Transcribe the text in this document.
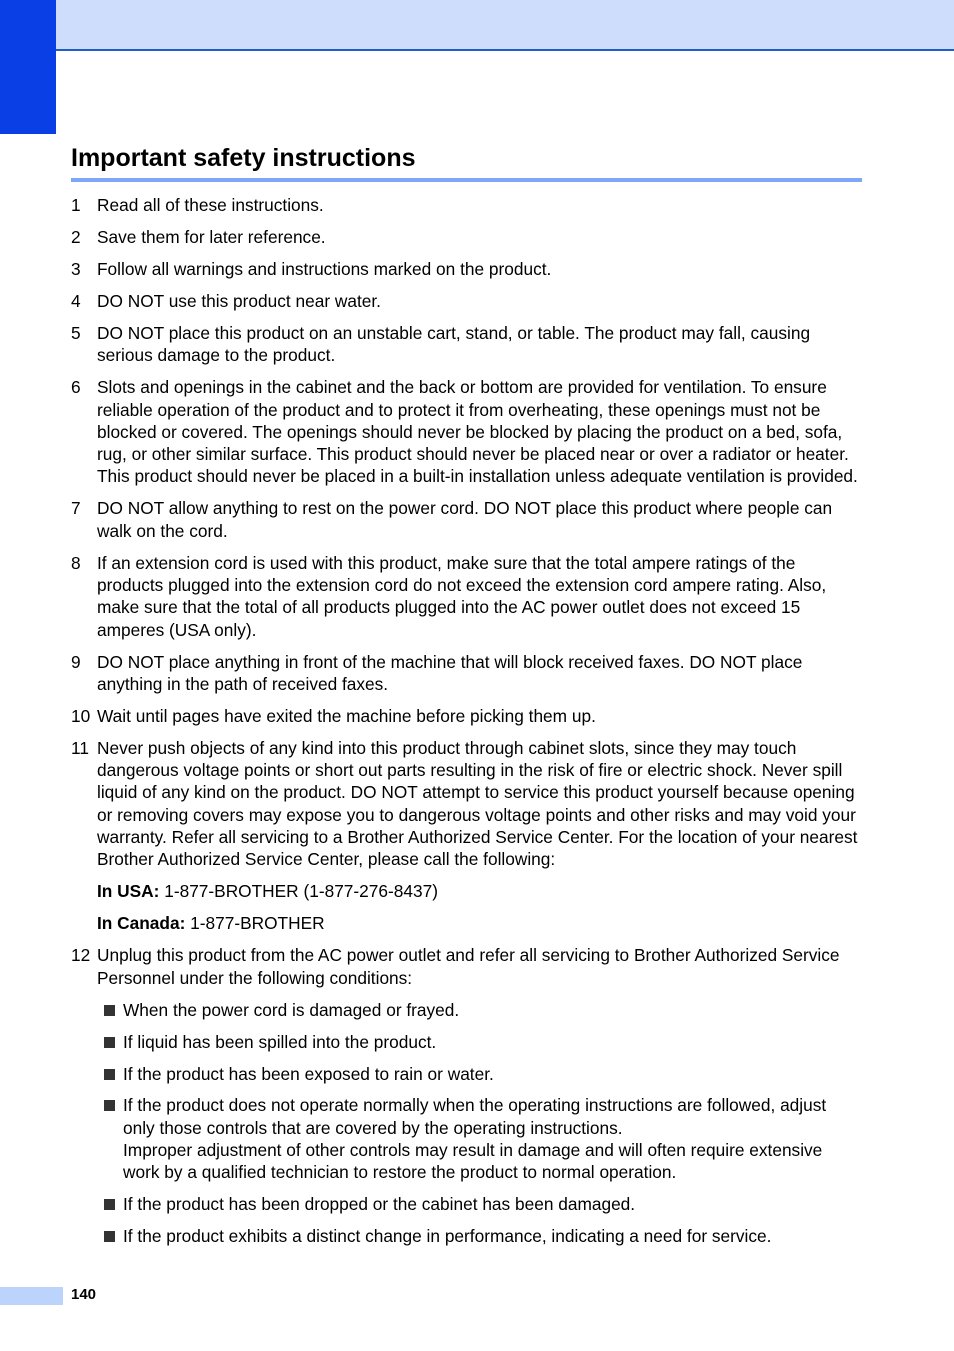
Important safety instructions
1 Read all of these instructions.
2 Save them for later reference.
3 Follow all warnings and instructions marked on the product.
4 DO NOT use this product near water.
5 DO NOT place this product on an unstable cart, stand, or table. The product may fall, causing serious damage to the product.
6 Slots and openings in the cabinet and the back or bottom are provided for ventilation. To ensure reliable operation of the product and to protect it from overheating, these openings must not be blocked or covered. The openings should never be blocked by placing the product on a bed, sofa, rug, or other similar surface. This product should never be placed near or over a radiator or heater. This product should never be placed in a built-in installation unless adequate ventilation is provided.
7 DO NOT allow anything to rest on the power cord. DO NOT place this product where people can walk on the cord.
8 If an extension cord is used with this product, make sure that the total ampere ratings of the products plugged into the extension cord do not exceed the extension cord ampere rating. Also, make sure that the total of all products plugged into the AC power outlet does not exceed 15 amperes (USA only).
9 DO NOT place anything in front of the machine that will block received faxes. DO NOT place anything in the path of received faxes.
10 Wait until pages have exited the machine before picking them up.
11 Never push objects of any kind into this product through cabinet slots, since they may touch dangerous voltage points or short out parts resulting in the risk of fire or electric shock. Never spill liquid of any kind on the product. DO NOT attempt to service this product yourself because opening or removing covers may expose you to dangerous voltage points and other risks and may void your warranty. Refer all servicing to a Brother Authorized Service Center. For the location of your nearest Brother Authorized Service Center, please call the following:
In USA: 1-877-BROTHER (1-877-276-8437)
In Canada: 1-877-BROTHER
12 Unplug this product from the AC power outlet and refer all servicing to Brother Authorized Service Personnel under the following conditions:
When the power cord is damaged or frayed.
If liquid has been spilled into the product.
If the product has been exposed to rain or water.
If the product does not operate normally when the operating instructions are followed, adjust only those controls that are covered by the operating instructions.
Improper adjustment of other controls may result in damage and will often require extensive work by a qualified technician to restore the product to normal operation.
If the product has been dropped or the cabinet has been damaged.
If the product exhibits a distinct change in performance, indicating a need for service.
140
